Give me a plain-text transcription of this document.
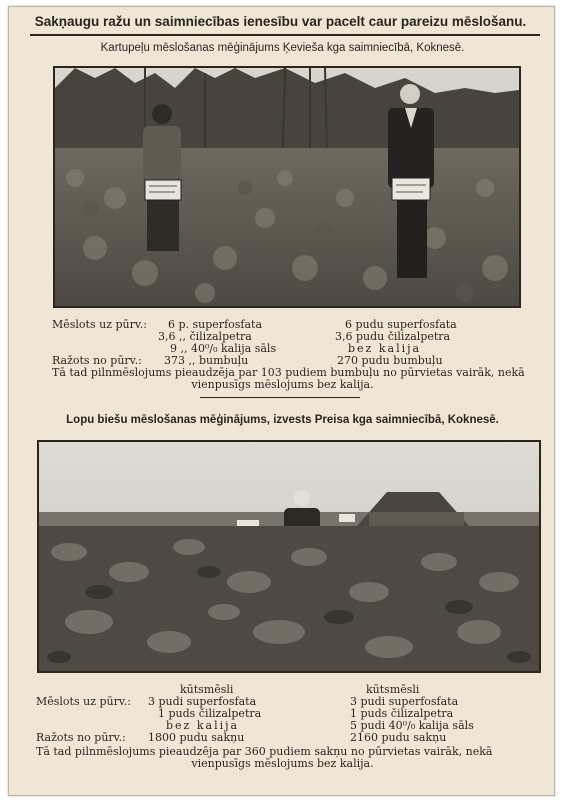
Sakņaugu ražu un saimniecības ienesību var pacelt caur pareizu mēslošanu.
Kartupeļu mēslošanas mēģinājums Ķevieša kga saimniecībā, Koknesē.
Mēslots uz pūrv.:
Ražots no pūrv.:
6 p. superfosfata
3,6 ,, čilizalpetra
9 ,, 40⁰/₀ kalija sāls
373 ,, bumbuļu
6 pudu superfosfata
3,6 pudu čilizalpetra
bez kalija
270 pudu bumbuļu
Tā tad pilnmēslojums pieaudzēja par 103 pudiem bumbuļu no pūrvietas vairāk, nekā
vienpusīgs mēslojums bez kalija.
Lopu biešu mēslošanas mēģinājums, izvests Preisa kga saimniecībā, Koknesē.
kūtsmēsli	kūtsmēsli
Mēslots uz pūrv.:
Ražots no pūrv.:
3 pudi superfosfata
1 puds čilizalpetra
bez kalija
1800 pudu sakņu
3 pudi superfosfata
1 puds čilizalpetra
5 pudi 40⁰/₀ kalija sāls
2160 pudu sakņu
Tā tad pilnmēslojums pieaudzēja par 360 pudiem sakņu no pūrvietas vairāk, nekā
vienpusīgs mēslojums bez kalija.
